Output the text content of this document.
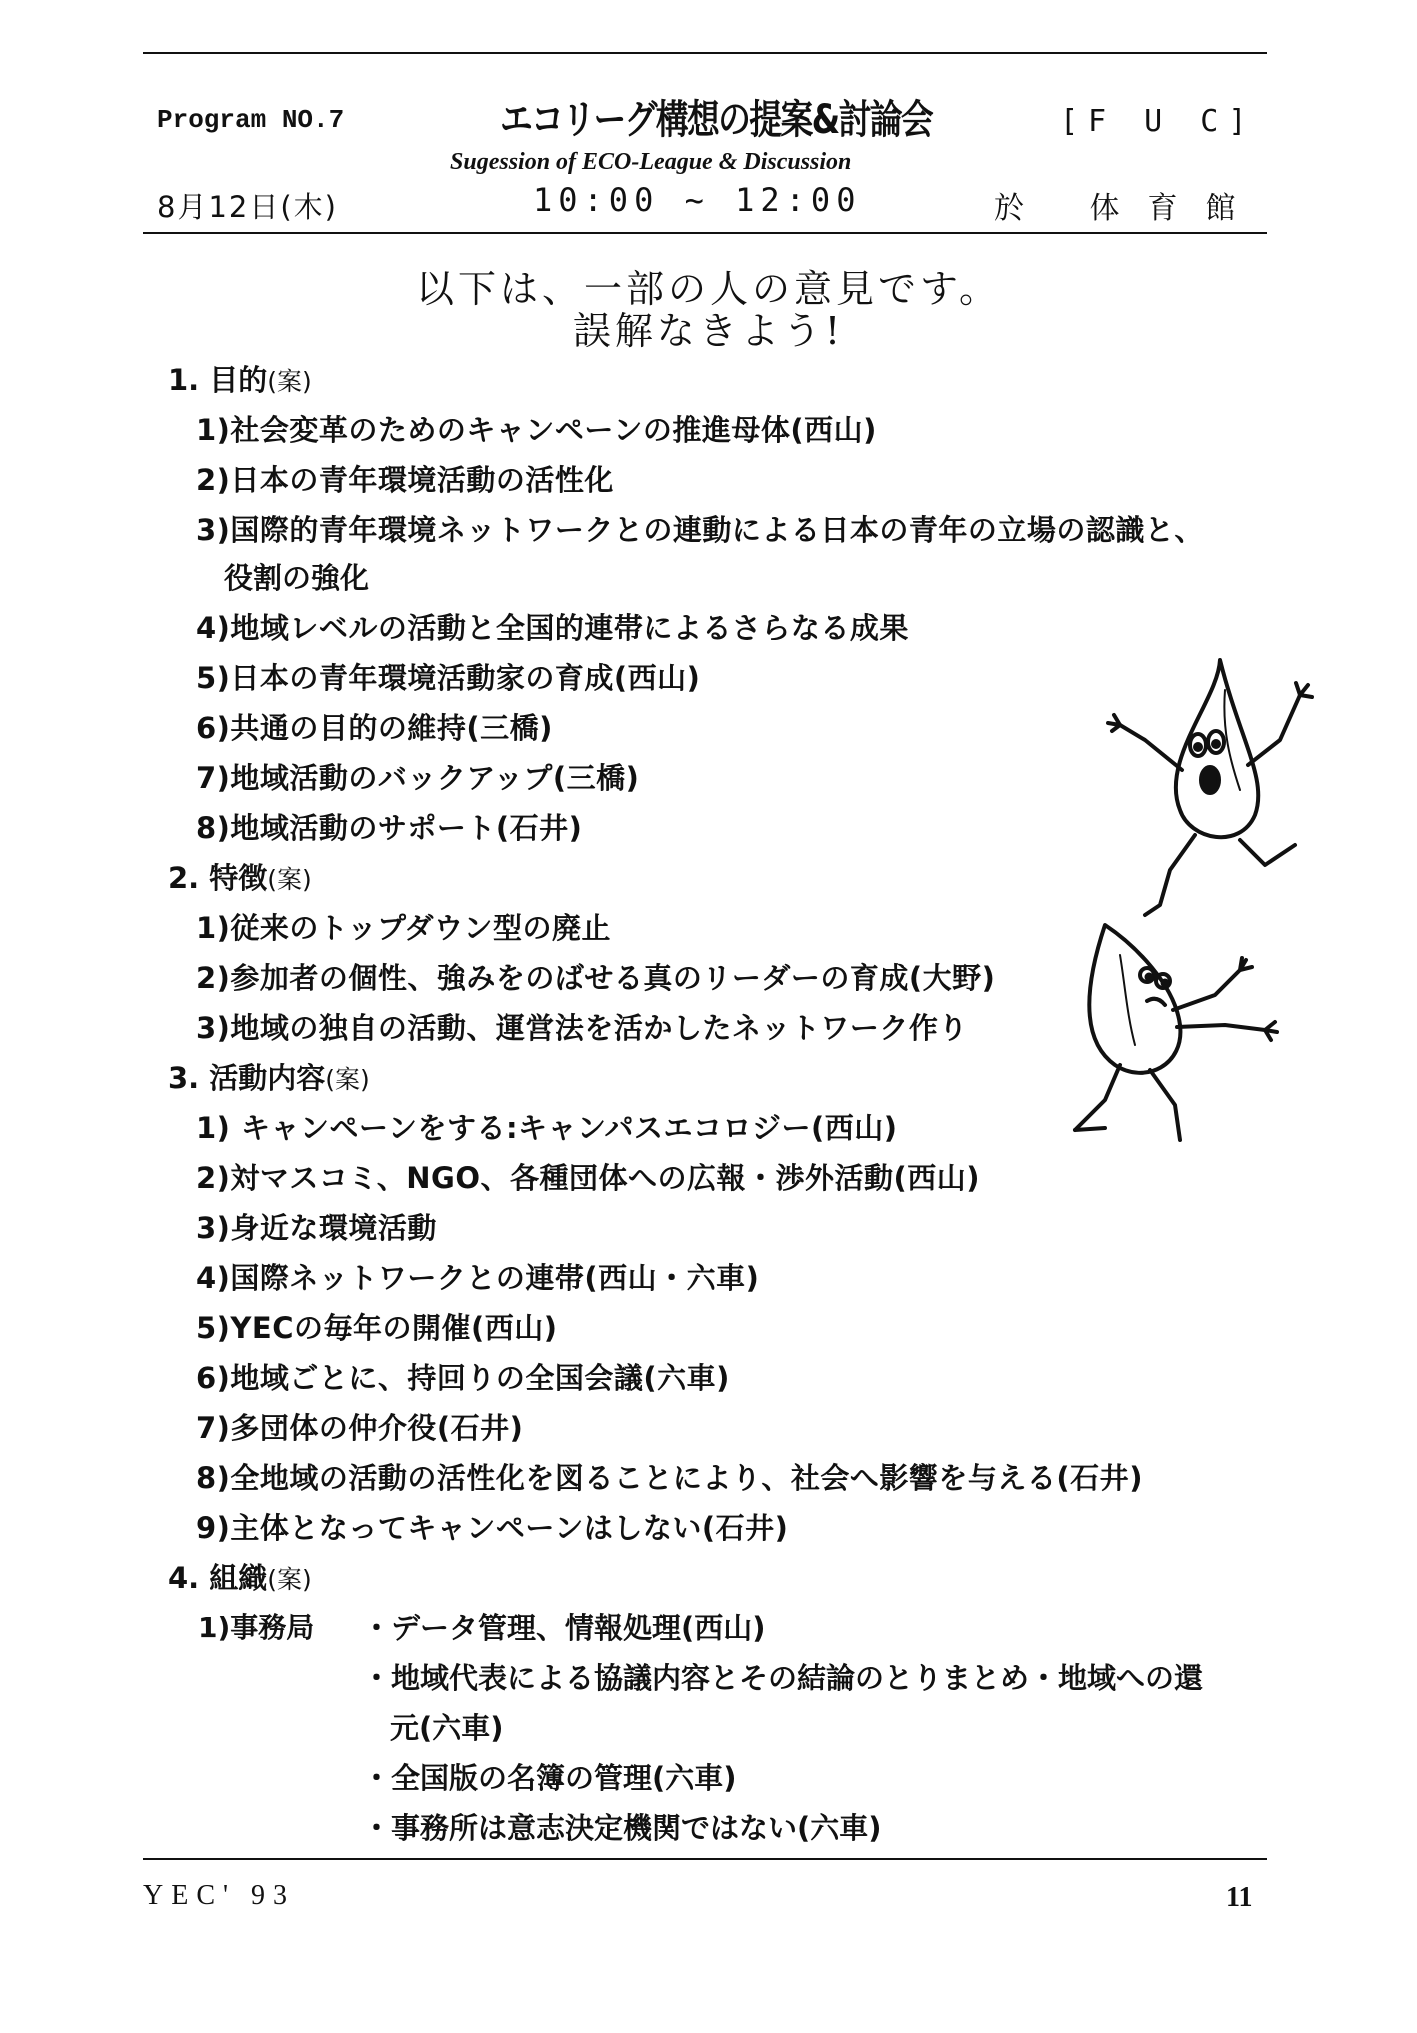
Program NO.7	エコリーグ構想の提案&討論会	[F U C]
Sugession of ECO-League & Discussion
8月12日(木)	10:00 ~ 12:00	於 体育館
以下は、一部の人の意見です。
誤解なきよう!
1. 目的(案)
1)社会変革のためのキャンペーンの推進母体(西山)
2)日本の青年環境活動の活性化
3)国際的青年環境ネットワークとの連動による日本の青年の立場の認識と、
役割の強化
4)地域レベルの活動と全国的連帯によるさらなる成果
5)日本の青年環境活動家の育成(西山)
6)共通の目的の維持(三橋)
7)地域活動のバックアップ(三橋)
8)地域活動のサポート(石井)
2. 特徴(案)
1)従来のトップダウン型の廃止
2)参加者の個性、強みをのばせる真のリーダーの育成(大野)
3)地域の独自の活動、運営法を活かしたネットワーク作り
3. 活動内容(案)
1) キャンペーンをする:キャンパスエコロジー(西山)
2)対マスコミ、NGO、各種団体への広報・渉外活動(西山)
3)身近な環境活動
4)国際ネットワークとの連帯(西山・六車)
5)YECの毎年の開催(西山)
6)地域ごとに、持回りの全国会議(六車)
7)多団体の仲介役(石井)
8)全地域の活動の活性化を図ることにより、社会へ影響を与える(石井)
9)主体となってキャンペーンはしない(石井)
4. 組織(案)
1)事務局 ・データ管理、情報処理(西山)
・地域代表による協議内容とその結論のとりまとめ・地域への還
元(六車)
・全国版の名簿の管理(六車)
・事務所は意志決定機関ではない(六車)
YEC' 93	11
